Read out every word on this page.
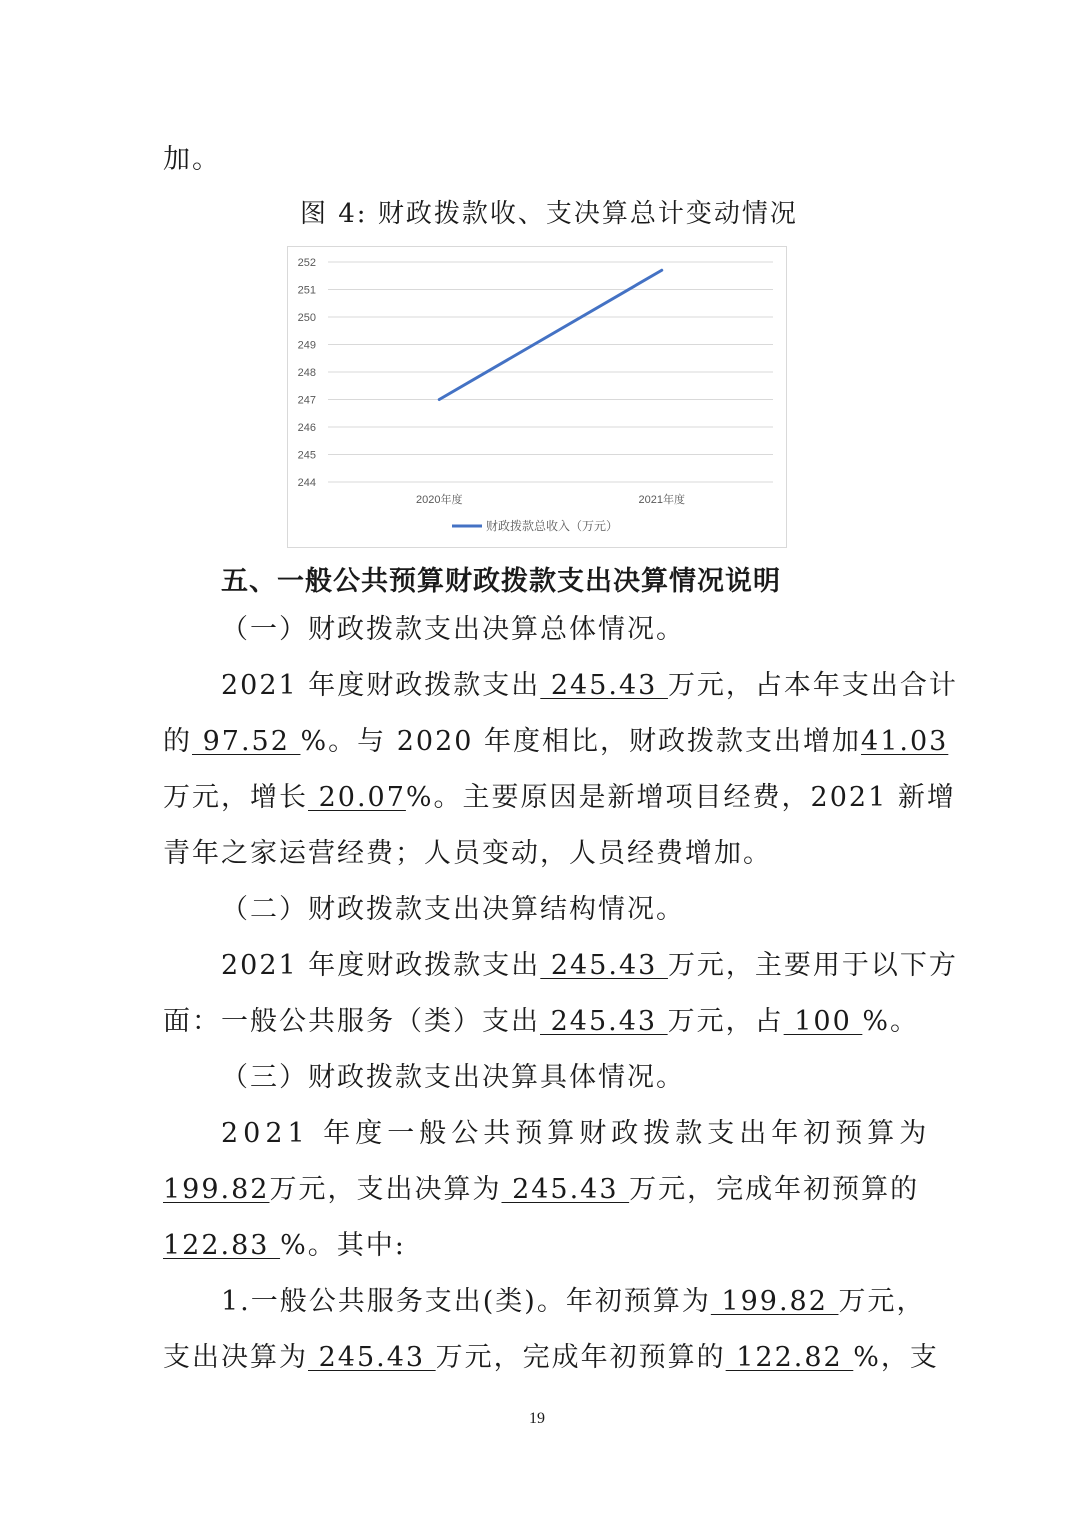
加。

图 4: 财政拨款收、支决算总计变动情况
244
245
246
247
248
249
250
251
252
2020年度	2021年度
财政拨款总收入（万元）
五、一般公共预算财政拨款支出决算情况说明
（一）财政拨款支出决算总体情况。

2021 年度财政拨款支出 245.43 万元，占本年支出合计

的 97.52 %。与 2020 年度相比，财政拨款支出增加41.03

万元，增长 20.07%。主要原因是新增项目经费，2021 新增

青年之家运营经费；人员变动，人员经费增加。

（二）财政拨款支出决算结构情况。

2021 年度财政拨款支出 245.43 万元，主要用于以下方

面：一般公共服务（类）支出 245.43 万元，占 100 %。

（三）财政拨款支出决算具体情况。

2021 年度一般公共预算财政拨款支出年初预算为

199.82万元，支出决算为 245.43 万元，完成年初预算的

122.83 %。其中:

1.一般公共服务支出(类)。年初预算为 199.82 万元，

支出决算为 245.43 万元，完成年初预算的 122.82 %，支

19
